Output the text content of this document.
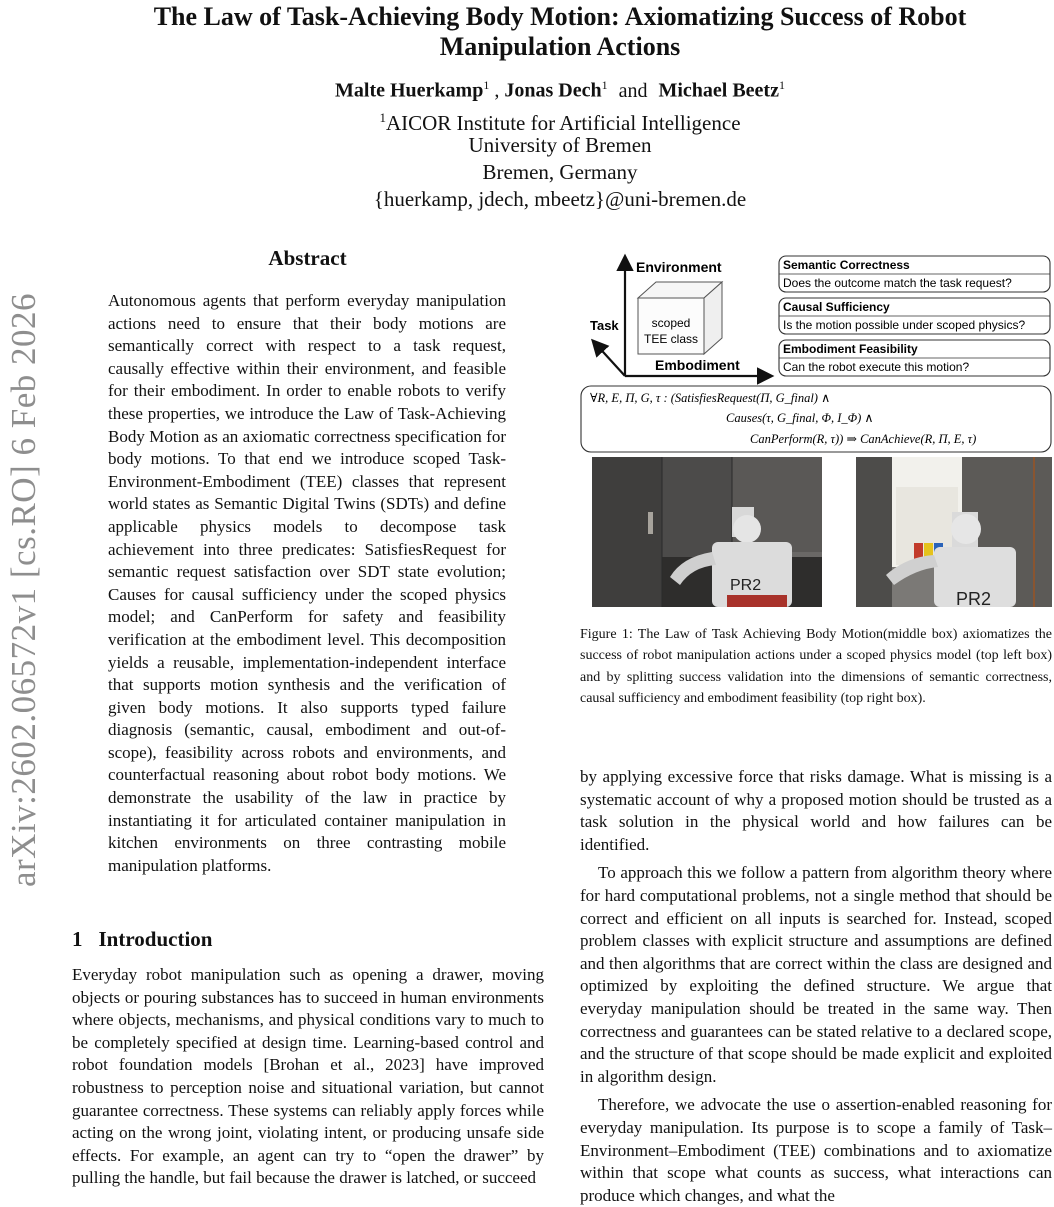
The Law of Task-Achieving Body Motion: Axiomatizing Success of Robot
Manipulation Actions
Malte Huerkamp$^1$ , Jonas Dech$^1$ and Michael Beetz$^1$
$^1$AICOR Institute for Artificial Intelligence
University of Bremen
Bremen, Germany
{huerkamp, jdech, mbeetz}@uni-bremen.de
arXiv:2602.06572v1 [cs.RO] 6 Feb 2026
Abstract
Autonomous agents that perform everyday manipulation actions need to ensure that their body motions are semantically correct with respect to a task request, causally effective within their environment, and feasible for their embodiment. In order to enable robots to verify these properties, we introduce the Law of Task-Achieving Body Motion as an axiomatic correctness specification for body motions. To that end we introduce scoped Task-Environment-Embodiment (TEE) classes that represent world states as Semantic Digital Twins (SDTs) and define applicable physics models to decompose task achievement into three predicates: SatisfiesRequest for semantic request satisfaction over SDT state evolution; Causes for causal sufficiency under the scoped physics model; and CanPerform for safety and feasibility verification at the embodiment level. This decomposition yields a reusable, implementation-independent interface that supports motion synthesis and the verification of given body motions. It also supports typed failure diagnosis (semantic, causal, embodiment and out-of-scope), feasibility across robots and environments, and counterfactual reasoning about robot body motions. We demonstrate the usability of the law in practice by instantiating it for articulated container manipulation in kitchen environments on three contrasting mobile manipulation platforms.
1 Introduction
Everyday robot manipulation such as opening a drawer, moving objects or pouring substances has to succeed in human environments where objects, mechanisms, and physical conditions vary to much to be completely specified at design time. Learning-based control and robot foundation models [Brohan et al., 2023] have improved robustness to perception noise and situational variation, but cannot guarantee correctness. These systems can reliably apply forces while acting on the wrong joint, violating intent, or producing unsafe side effects. For example, an agent can try to “open the drawer” by pulling the handle, but fail because the drawer is latched, or succeed

by applying excessive force that risks damage. What is missing is a systematic account of why a proposed motion should be trusted as a task solution in the physical world and how failures can be identified.

To approach this we follow a pattern from algorithm theory where for hard computational problems, not a single method that should be correct and efficient on all inputs is searched for. Instead, scoped problem classes with explicit structure and assumptions are defined and then algorithms that are correct within the class are designed and optimized by exploiting the defined structure. We argue that everyday manipulation should be treated in the same way. Then correctness and guarantees can be stated relative to a declared scope, and the structure of that scope should be made explicit and exploited in algorithm design.

Therefore, we advocate the use o assertion-enabled reasoning for everyday manipulation. Its purpose is to scope a family of Task–Environment–Embodiment (TEE) combinations and to axiomatize within that scope what counts as success, what interactions can produce which changes, and what the

Environment
Task
Embodiment
scoped
TEE class
Semantic Correctness
Does the outcome match the task request?
Causal Sufficiency
Is the motion possible under scoped physics?
Embodiment Feasibility
Can the robot execute this motion?
∀R, E, Π, G, τ : (SatisfiesRequest(Π, G_final) ∧
Causes(τ, G_final, Φ, I_Φ) ∧
CanPerform(R, τ)) ⇒ CanAchieve(R, Π, E, τ)
PR2
PR2
Figure 1: The Law of Task Achieving Body Motion(middle box) axiomatizes the success of robot manipulation actions under a scoped physics model (top left box) and by splitting success validation into the dimensions of semantic correctness, causal sufficiency and embodiment feasibility (top right box).
